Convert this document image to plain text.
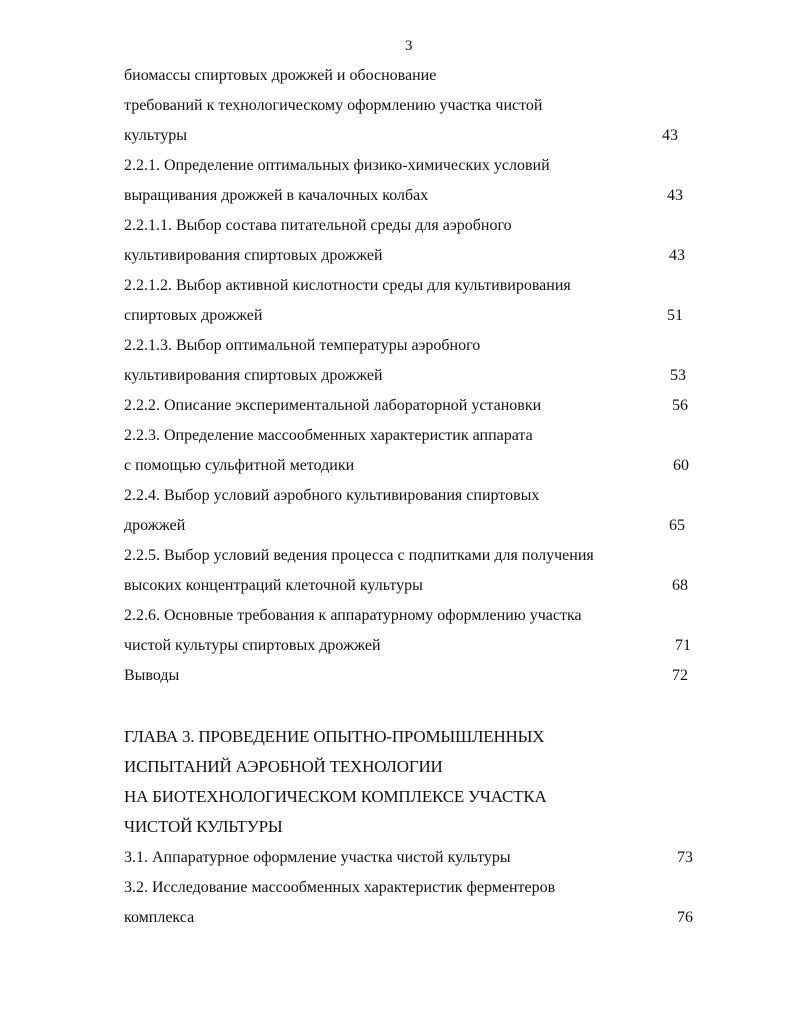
3
биомассы спиртовых дрожжей и обоснование
требований к технологическому оформлению участка чистой
культуры	43
2.2.1. Определение оптимальных физико-химических условий
выращивания дрожжей в качалочных колбах	43
2.2.1.1. Выбор состава питательной среды для аэробного
культивирования спиртовых дрожжей	43
2.2.1.2. Выбор активной кислотности среды для культивирования
спиртовых дрожжей	51
2.2.1.3. Выбор оптимальной температуры аэробного
культивирования спиртовых дрожжей	53
2.2.2. Описание экспериментальной лабораторной установки	56
2.2.3. Определение массообменных характеристик аппарата
с помощью сульфитной методики	60
2.2.4. Выбор условий аэробного культивирования спиртовых
дрожжей	65
2.2.5. Выбор условий ведения процесса с подпитками для получения
высоких концентраций клеточной культуры	68
2.2.6. Основные требования к аппаратурному оформлению участка
чистой культуры спиртовых дрожжей	71
Выводы	72
ГЛАВА 3. ПРОВЕДЕНИЕ ОПЫТНО-ПРОМЫШЛЕННЫХ
ИСПЫТАНИЙ АЭРОБНОЙ ТЕХНОЛОГИИ
НА БИОТЕХНОЛОГИЧЕСКОМ КОМПЛЕКСЕ УЧАСТКА
ЧИСТОЙ КУЛЬТУРЫ
3.1. Аппаратурное оформление участка чистой культуры	73
3.2. Исследование массообменных характеристик ферментеров
комплекса	76
